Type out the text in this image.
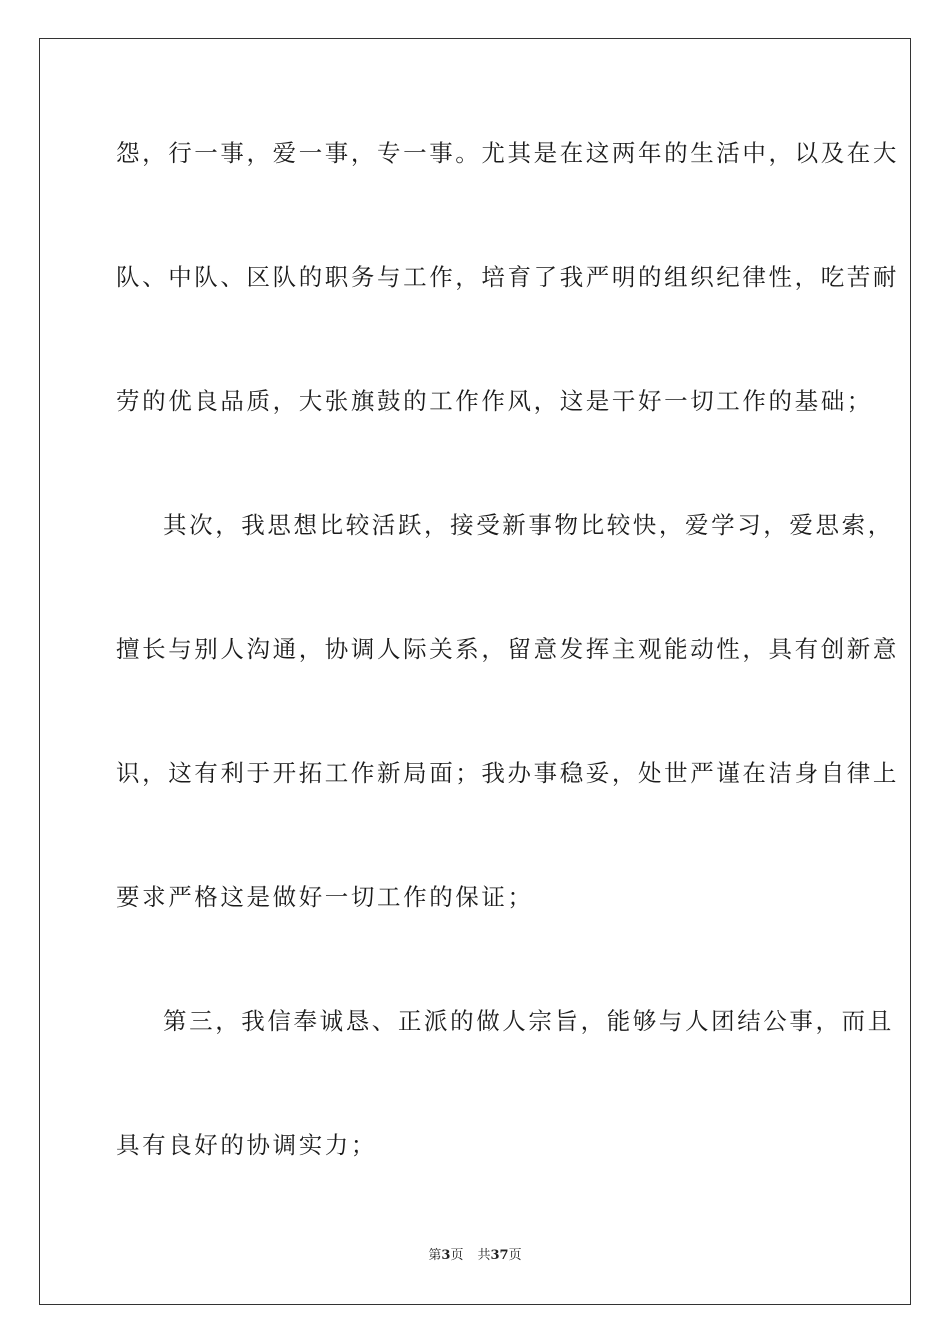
怨，行一事，爱一事，专一事。尤其是在这两年的生活中，以及在大
队、中队、区队的职务与工作，培育了我严明的组织纪律性，吃苦耐
劳的优良品质，大张旗鼓的工作作风，这是干好一切工作的基础；
其次，我思想比较活跃，接受新事物比较快，爱学习，爱思索，
擅长与别人沟通，协调人际关系，留意发挥主观能动性，具有创新意
识，这有利于开拓工作新局面；我办事稳妥，处世严谨在洁身自律上
要求严格这是做好一切工作的保证；
第三，我信奉诚恳、正派的做人宗旨，能够与人团结公事，而且
具有良好的协调实力；
第3页 共37页
